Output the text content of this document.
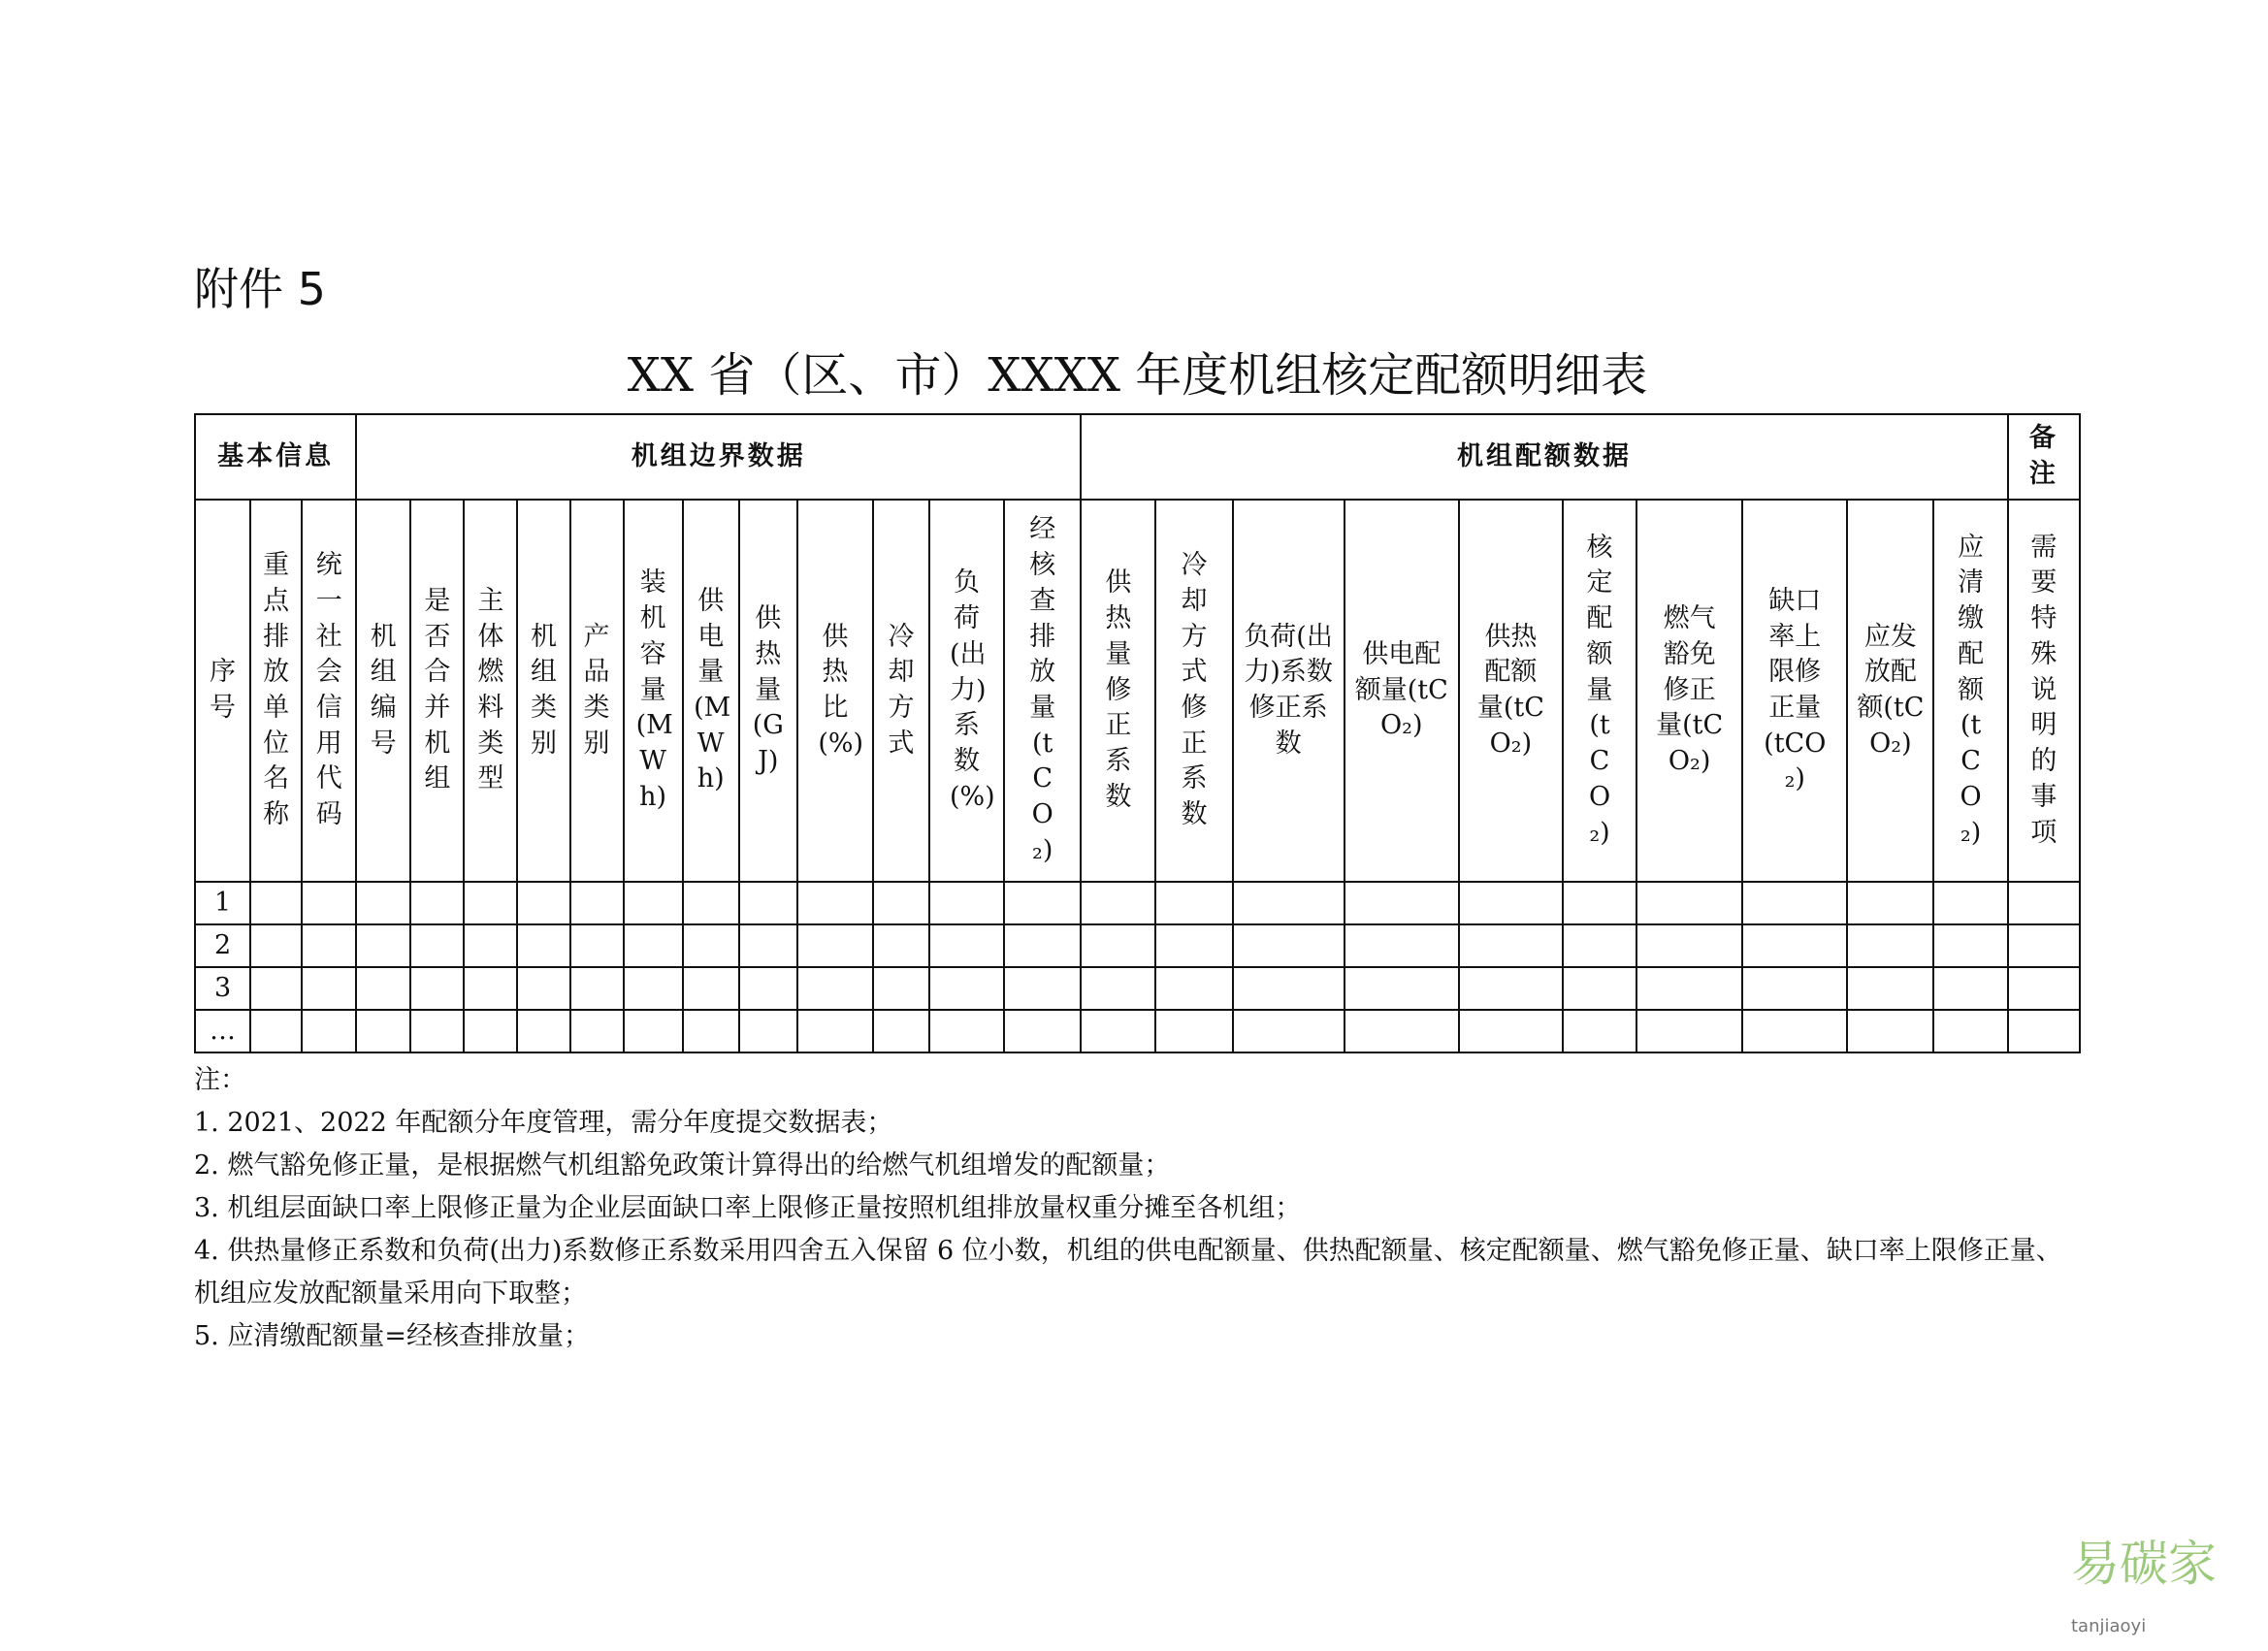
附件 5
XX 省（区、市）XXXX 年度机组核定配额明细表
基本信息			机组边界数据												机组配额数据										备注
序号	重点排放单位名称	统一社会信用代码	机组编号	是否合并机组	主体燃料类型	机组类别	产品类别	装机容量(MWh)	供电量(MWh)	供热量(GJ)	供热比(%)	冷却方式	负荷(出力)系数(%)	经核查排放量(tCO₂)	供热量修正系数	冷却方式修正系数	负荷(出力)系数修正系数	供电配额量(tCO₂)	供热配额量(tCO₂)	核定配额量(tCO₂)	燃气豁免修正量(tCO₂)	缺口率上限修正量(tCO₂)	应发放配额(tCO₂)	应清缴配额(tCO₂)	需要特殊说明的事项
1																									
2																									
3																									
…																									
注：
1. 2021、2022 年配额分年度管理，需分年度提交数据表；
2. 燃气豁免修正量，是根据燃气机组豁免政策计算得出的给燃气机组增发的配额量；
3. 机组层面缺口率上限修正量为企业层面缺口率上限修正量按照机组排放量权重分摊至各机组；
4. 供热量修正系数和负荷(出力)系数修正系数采用四舍五入保留 6 位小数，机组的供电配额量、供热配额量、核定配额量、燃气豁免修正量、缺口率上限修正量、机组应发放配额量采用向下取整；
5. 应清缴配额量=经核查排放量；
易碳家tanjiaoyi
